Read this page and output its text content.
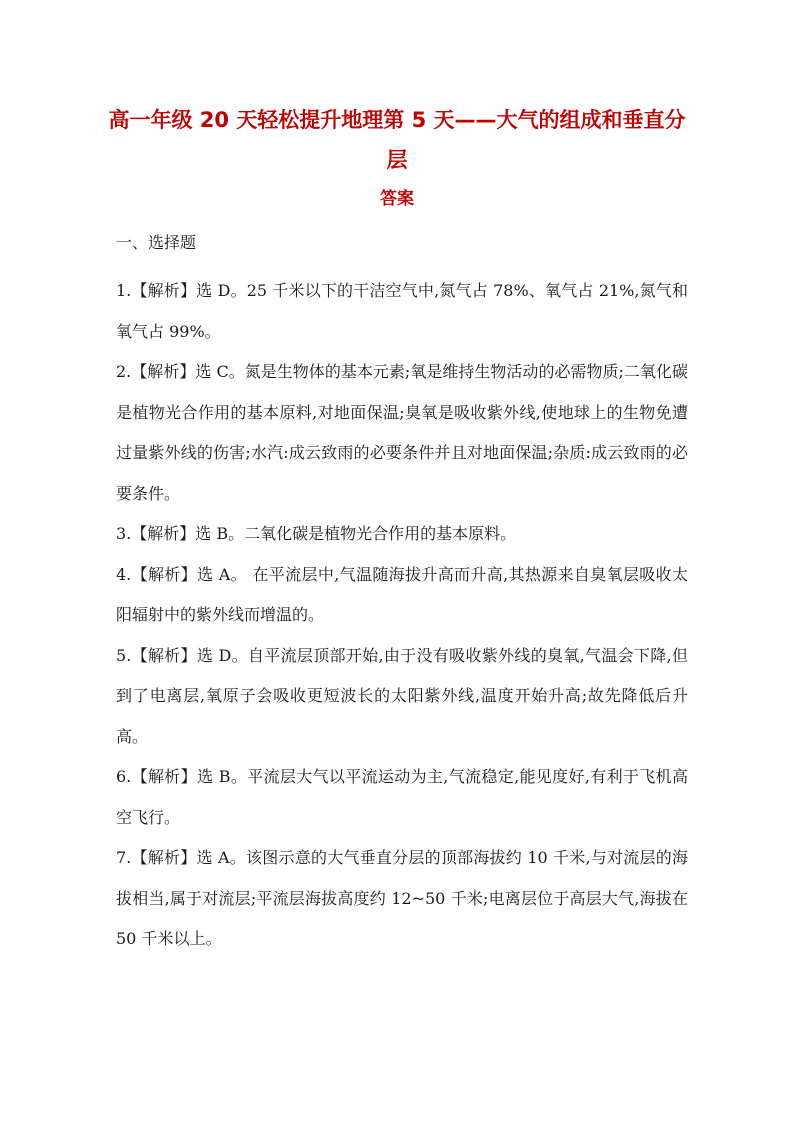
高一年级 20 天轻松提升地理第 5 天——大气的组成和垂直分层
答案
一、选择题
1.【解析】选 D。25 千米以下的干洁空气中,氮气占 78%、氧气占 21%,氮气和氧气占 99%。
2.【解析】选 C。氮是生物体的基本元素;氧是维持生物活动的必需物质;二氧化碳是植物光合作用的基本原料,对地面保温;臭氧是吸收紫外线,使地球上的生物免遭过量紫外线的伤害;水汽:成云致雨的必要条件并且对地面保温;杂质:成云致雨的必要条件。
3.【解析】选 B。二氧化碳是植物光合作用的基本原料。
4.【解析】选 A。 在平流层中,气温随海拔升高而升高,其热源来自臭氧层吸收太阳辐射中的紫外线而增温的。
5.【解析】选 D。自平流层顶部开始,由于没有吸收紫外线的臭氧,气温会下降,但到了电离层,氧原子会吸收更短波长的太阳紫外线,温度开始升高;故先降低后升高。
6.【解析】选 B。平流层大气以平流运动为主,气流稳定,能见度好,有利于飞机高空飞行。
7.【解析】选 A。该图示意的大气垂直分层的顶部海拔约 10 千米,与对流层的海拔相当,属于对流层;平流层海拔高度约 12~50 千米;电离层位于高层大气,海拔在 50 千米以上。
